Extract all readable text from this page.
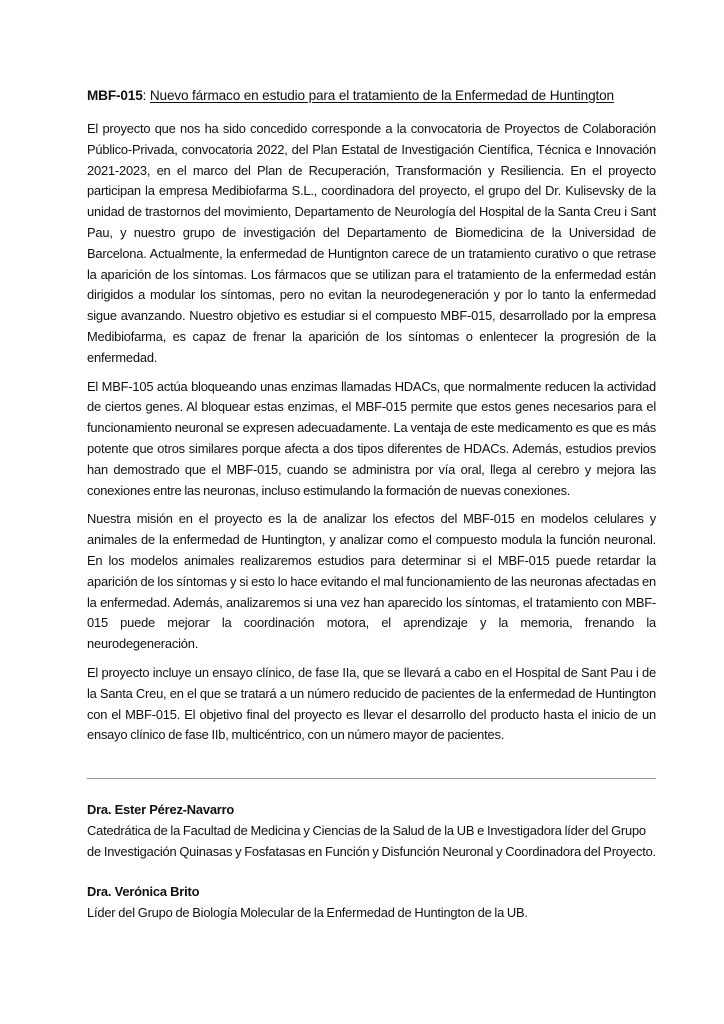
MBF-015: Nuevo fármaco en estudio para el tratamiento de la Enfermedad de Huntington

El proyecto que nos ha sido concedido corresponde a la convocatoria de Proyectos de Colaboración Público-Privada, convocatoria 2022, del Plan Estatal de Investigación Científica, Técnica e Innovación 2021-2023, en el marco del Plan de Recuperación, Transformación y Resiliencia. En el proyecto participan la empresa Medibiofarma S.L., coordinadora del proyecto, el grupo del Dr. Kulisevsky de la unidad de trastornos del movimiento, Departamento de Neurología del Hospital de la Santa Creu i Sant Pau, y nuestro grupo de investigación del Departamento de Biomedicina de la Universidad de Barcelona. Actualmente, la enfermedad de Huntignton carece de un tratamiento curativo o que retrase la aparición de los síntomas. Los fármacos que se utilizan para el tratamiento de la enfermedad están dirigidos a modular los síntomas, pero no evitan la neurodegeneración y por lo tanto la enfermedad sigue avanzando. Nuestro objetivo es estudiar si el compuesto MBF-015, desarrollado por la empresa Medibiofarma, es capaz de frenar la aparición de los síntomas o enlentecer la progresión de la enfermedad.

El MBF-105 actúa bloqueando unas enzimas llamadas HDACs, que normalmente reducen la actividad de ciertos genes. Al bloquear estas enzimas, el MBF-015 permite que estos genes necesarios para el funcionamiento neuronal se expresen adecuadamente. La ventaja de este medicamento es que es más potente que otros similares porque afecta a dos tipos diferentes de HDACs. Además, estudios previos han demostrado que el MBF-015, cuando se administra por vía oral, llega al cerebro y mejora las conexiones entre las neuronas, incluso estimulando la formación de nuevas conexiones.

Nuestra misión en el proyecto es la de analizar los efectos del MBF-015 en modelos celulares y animales de la enfermedad de Huntington, y analizar como el compuesto modula la función neuronal. En los modelos animales realizaremos estudios para determinar si el MBF-015 puede retardar la aparición de los síntomas y si esto lo hace evitando el mal funcionamiento de las neuronas afectadas en la enfermedad. Además, analizaremos si una vez han aparecido los síntomas, el tratamiento con MBF-015 puede mejorar la coordinación motora, el aprendizaje y la memoria, frenando la neurodegeneración.

El proyecto incluye un ensayo clínico, de fase IIa, que se llevará a cabo en el Hospital de Sant Pau i de la Santa Creu, en el que se tratará a un número reducido de pacientes de la enfermedad de Huntington con el MBF-015. El objetivo final del proyecto es llevar el desarrollo del producto hasta el inicio de un ensayo clínico de fase IIb, multicéntrico, con un número mayor de pacientes.

Dra. Ester Pérez-Navarro
Catedrática de la Facultad de Medicina y Ciencias de la Salud de la UB e Investigadora líder del Grupo de Investigación Quinasas y Fosfatasas en Función y Disfunción Neuronal y Coordinadora del Proyecto.
Dra. Verónica Brito
Líder del Grupo de Biología Molecular de la Enfermedad de Huntington de la UB.
